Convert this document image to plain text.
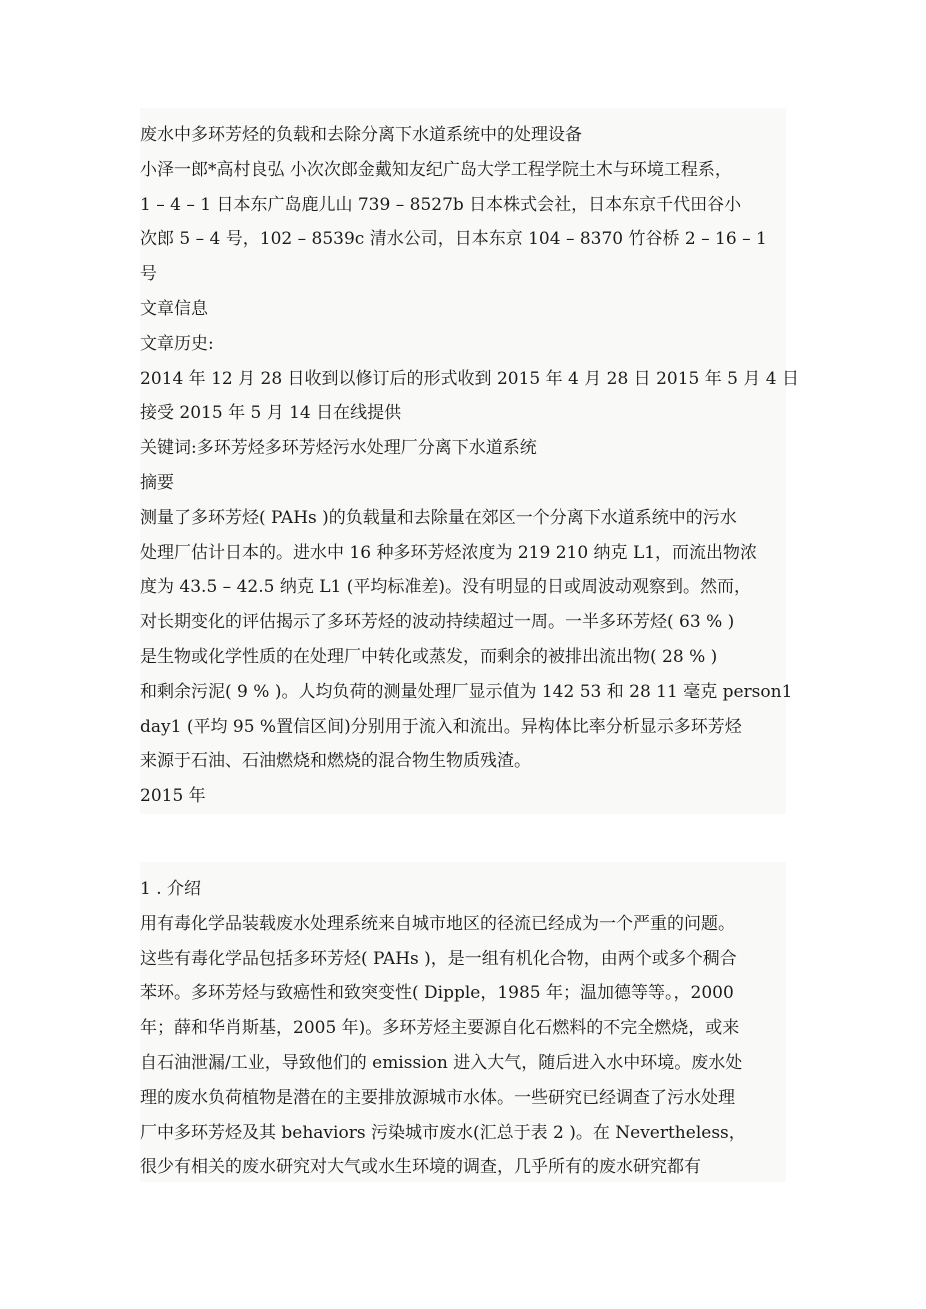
废水中多环芳烃的负载和去除分离下水道系统中的处理设备
小泽一郎*高村良弘 小次次郎金戴知友纪广岛大学工程学院土木与环境工程系，
1 – 4 – 1 日本东广岛鹿儿山 739 – 8527b 日本株式会社，日本东京千代田谷小
次郎 5 – 4 号，102 – 8539c 清水公司，日本东京 104 – 8370 竹谷桥 2 – 16 – 1
号
文章信息
文章历史:
2014 年 12 月 28 日收到以修订后的形式收到 2015 年 4 月 28 日 2015 年 5 月 4 日
接受 2015 年 5 月 14 日在线提供
关键词:多环芳烃多环芳烃污水处理厂分离下水道系统
摘要
测量了多环芳烃( PAHs )的负载量和去除量在郊区一个分离下水道系统中的污水
处理厂估计日本的。进水中 16 种多环芳烃浓度为 219 210 纳克 L1，而流出物浓
度为 43.5 – 42.5 纳克 L1 (平均标准差)。没有明显的日或周波动观察到。然而，
对长期变化的评估揭示了多环芳烃的波动持续超过一周。一半多环芳烃( 63 % )
是生物或化学性质的在处理厂中转化或蒸发，而剩余的被排出流出物( 28 % )
和剩余污泥( 9 % )。人均负荷的测量处理厂显示值为 142 53 和 28 11 毫克 person1
day1 (平均 95 %置信区间)分别用于流入和流出。异构体比率分析显示多环芳烃
来源于石油、石油燃烧和燃烧的混合物生物质残渣。
2015 年
1 . 介绍
用有毒化学品装载废水处理系统来自城市地区的径流已经成为一个严重的问题。
这些有毒化学品包括多环芳烃( PAHs )，是一组有机化合物，由两个或多个稠合
苯环。多环芳烃与致癌性和致突变性( Dipple，1985 年；温加德等等。，2000
年；薛和华肖斯基，2005 年)。多环芳烃主要源自化石燃料的不完全燃烧，或来
自石油泄漏/工业，导致他们的 emission 进入大气，随后进入水中环境。废水处
理的废水负荷植物是潜在的主要排放源城市水体。一些研究已经调查了污水处理
厂中多环芳烃及其 behaviors 污染城市废水(汇总于表 2 )。在 Nevertheless，
很少有相关的废水研究对大气或水生环境的调查，几乎所有的废水研究都有
